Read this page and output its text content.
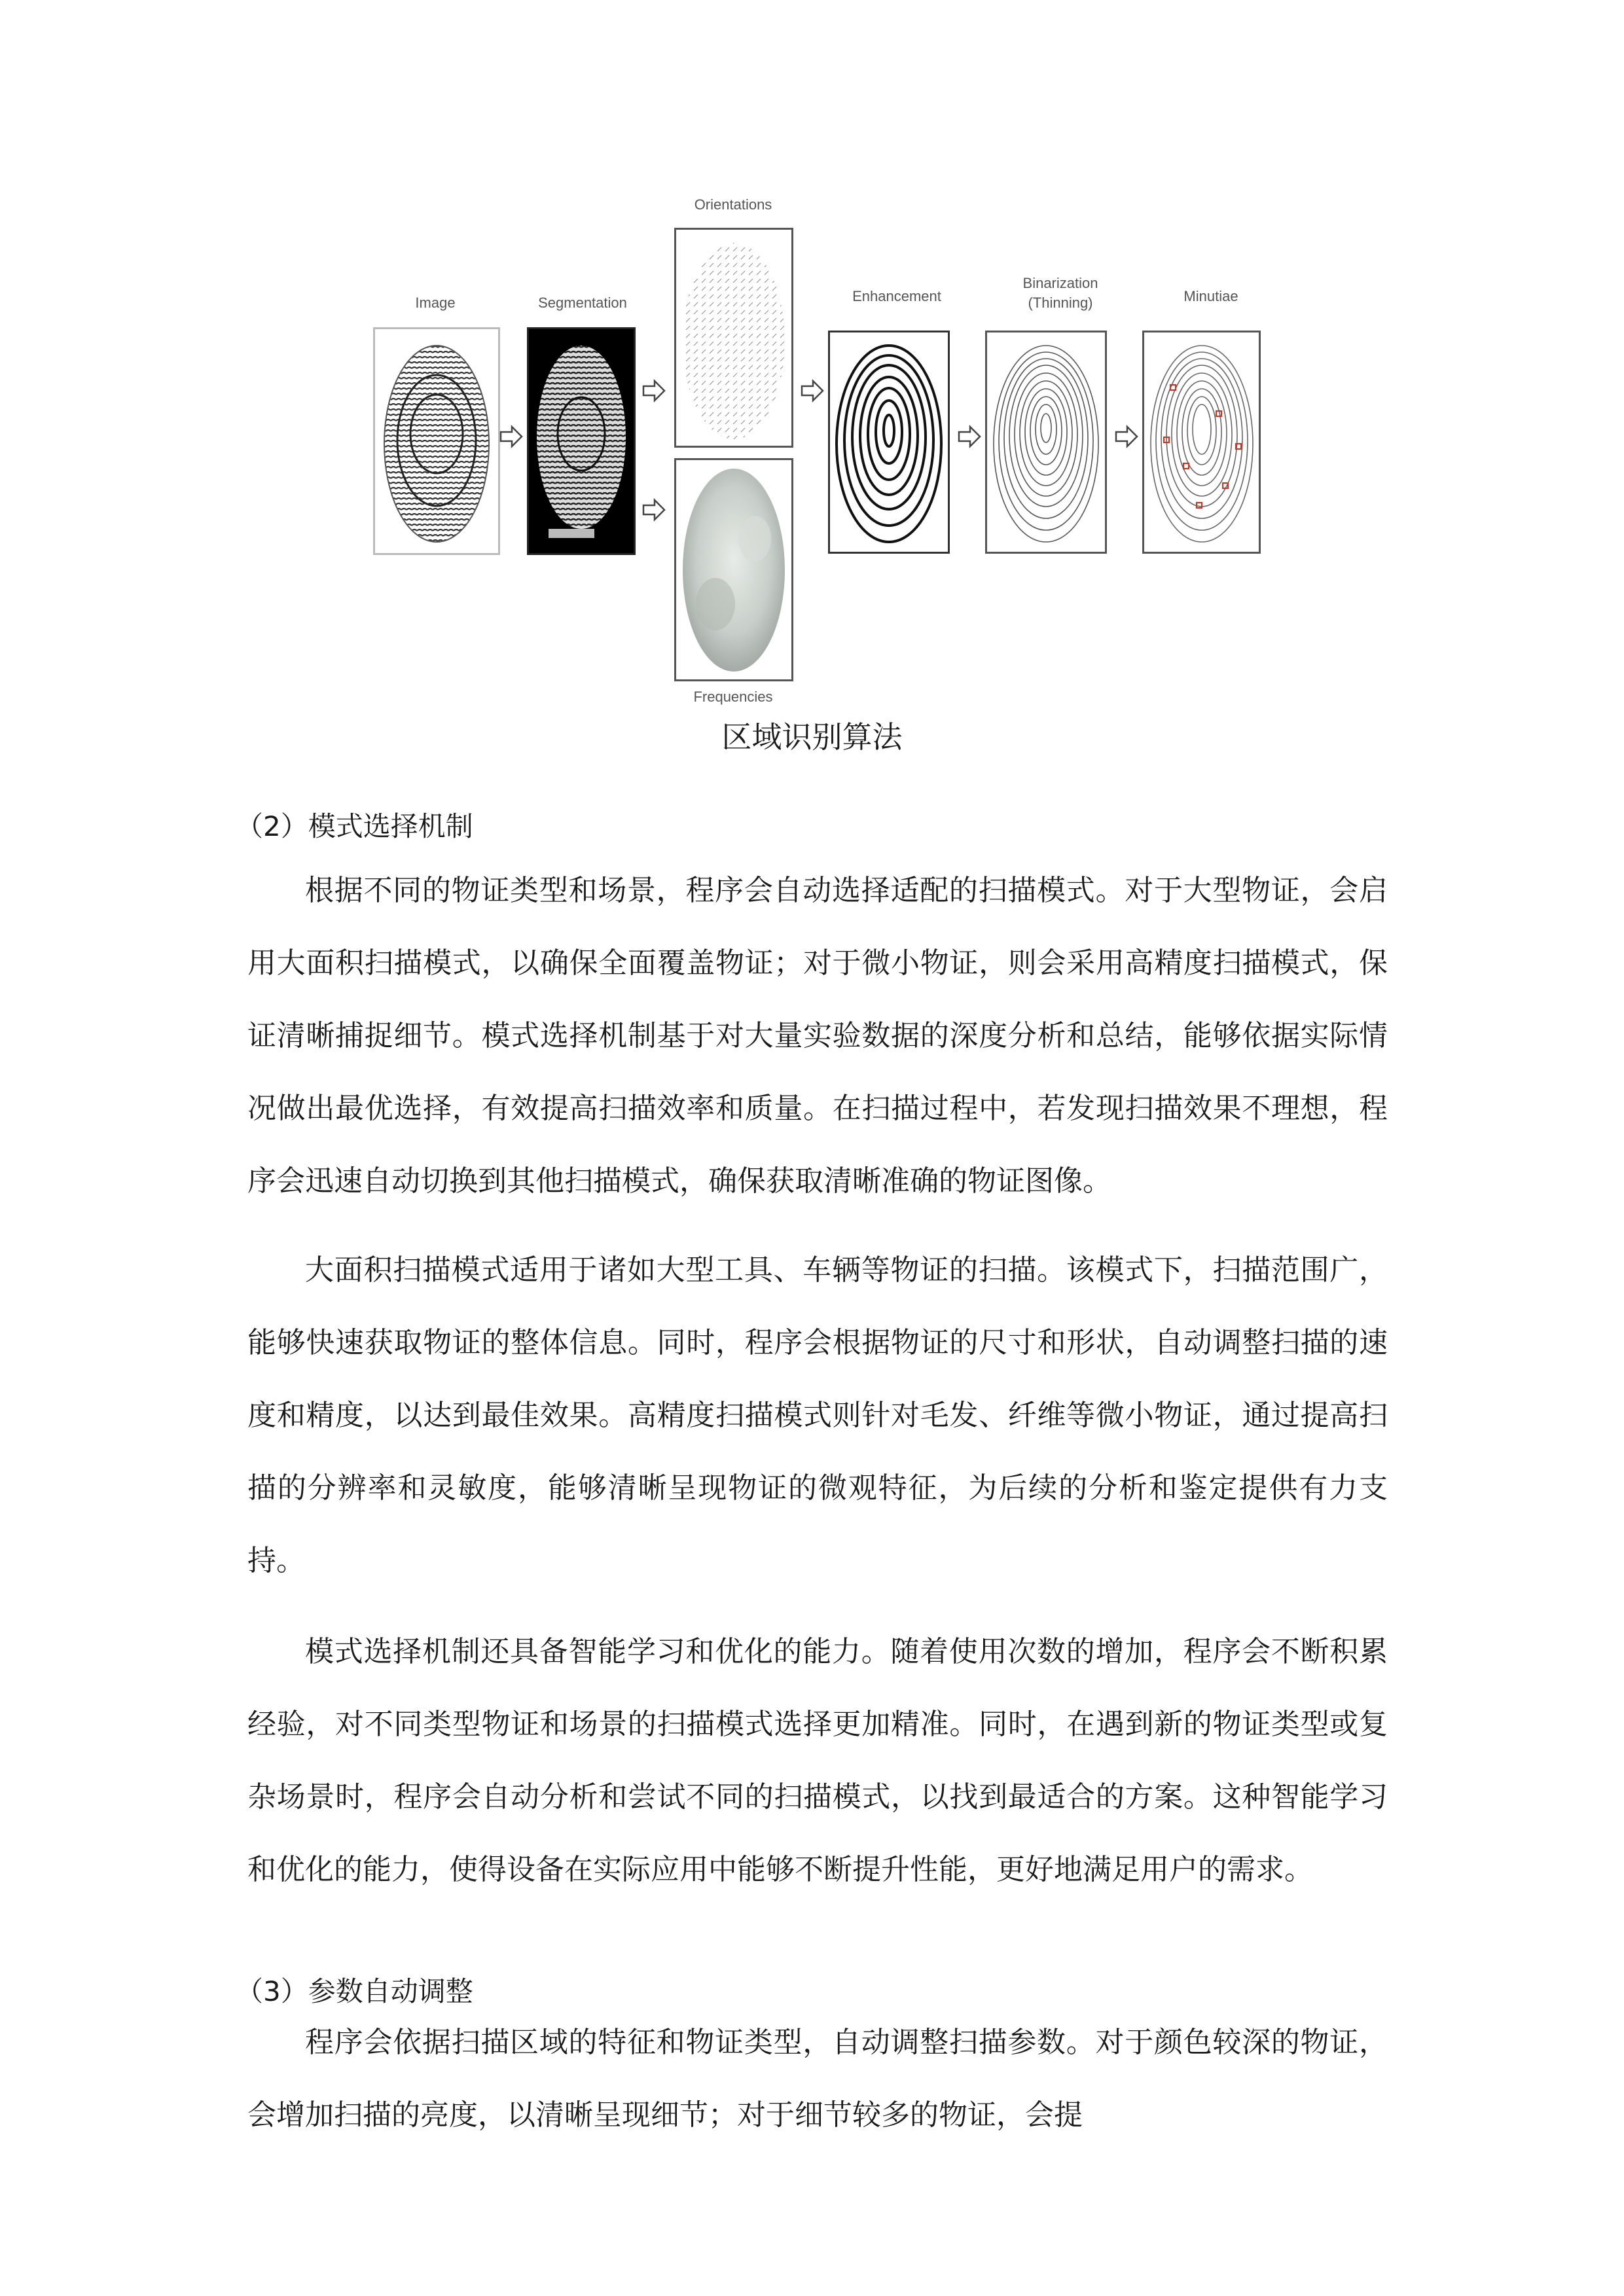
Image	Segmentation
Orientations
Enhancement
Binarization
(Thinning)	Minutiae
Frequencies
区域识别算法
（2）模式选择机制

根据不同的物证类型和场景，程序会自动选择适配的扫描模式。对于大型物证，会启用大面积扫描模式，以确保全面覆盖物证；对于微小物证，则会采用高精度扫描模式，保证清晰捕捉细节。模式选择机制基于对大量实验数据的深度分析和总结，能够依据实际情况做出最优选择，有效提高扫描效率和质量。在扫描过程中，若发现扫描效果不理想，程序会迅速自动切换到其他扫描模式，确保获取清晰准确的物证图像。

大面积扫描模式适用于诸如大型工具、车辆等物证的扫描。该模式下，扫描范围广，能够快速获取物证的整体信息。同时，程序会根据物证的尺寸和形状，自动调整扫描的速度和精度，以达到最佳效果。高精度扫描模式则针对毛发、纤维等微小物证，通过提高扫描的分辨率和灵敏度，能够清晰呈现物证的微观特征，为后续的分析和鉴定提供有力支持。

模式选择机制还具备智能学习和优化的能力。随着使用次数的增加，程序会不断积累经验，对不同类型物证和场景的扫描模式选择更加精准。同时，在遇到新的物证类型或复杂场景时，程序会自动分析和尝试不同的扫描模式，以找到最适合的方案。这种智能学习和优化的能力，使得设备在实际应用中能够不断提升性能，更好地满足用户的需求。

（3）参数自动调整

程序会依据扫描区域的特征和物证类型，自动调整扫描参数。对于颜色较深的物证，会增加扫描的亮度，以清晰呈现细节；对于细节较多的物证，会提
